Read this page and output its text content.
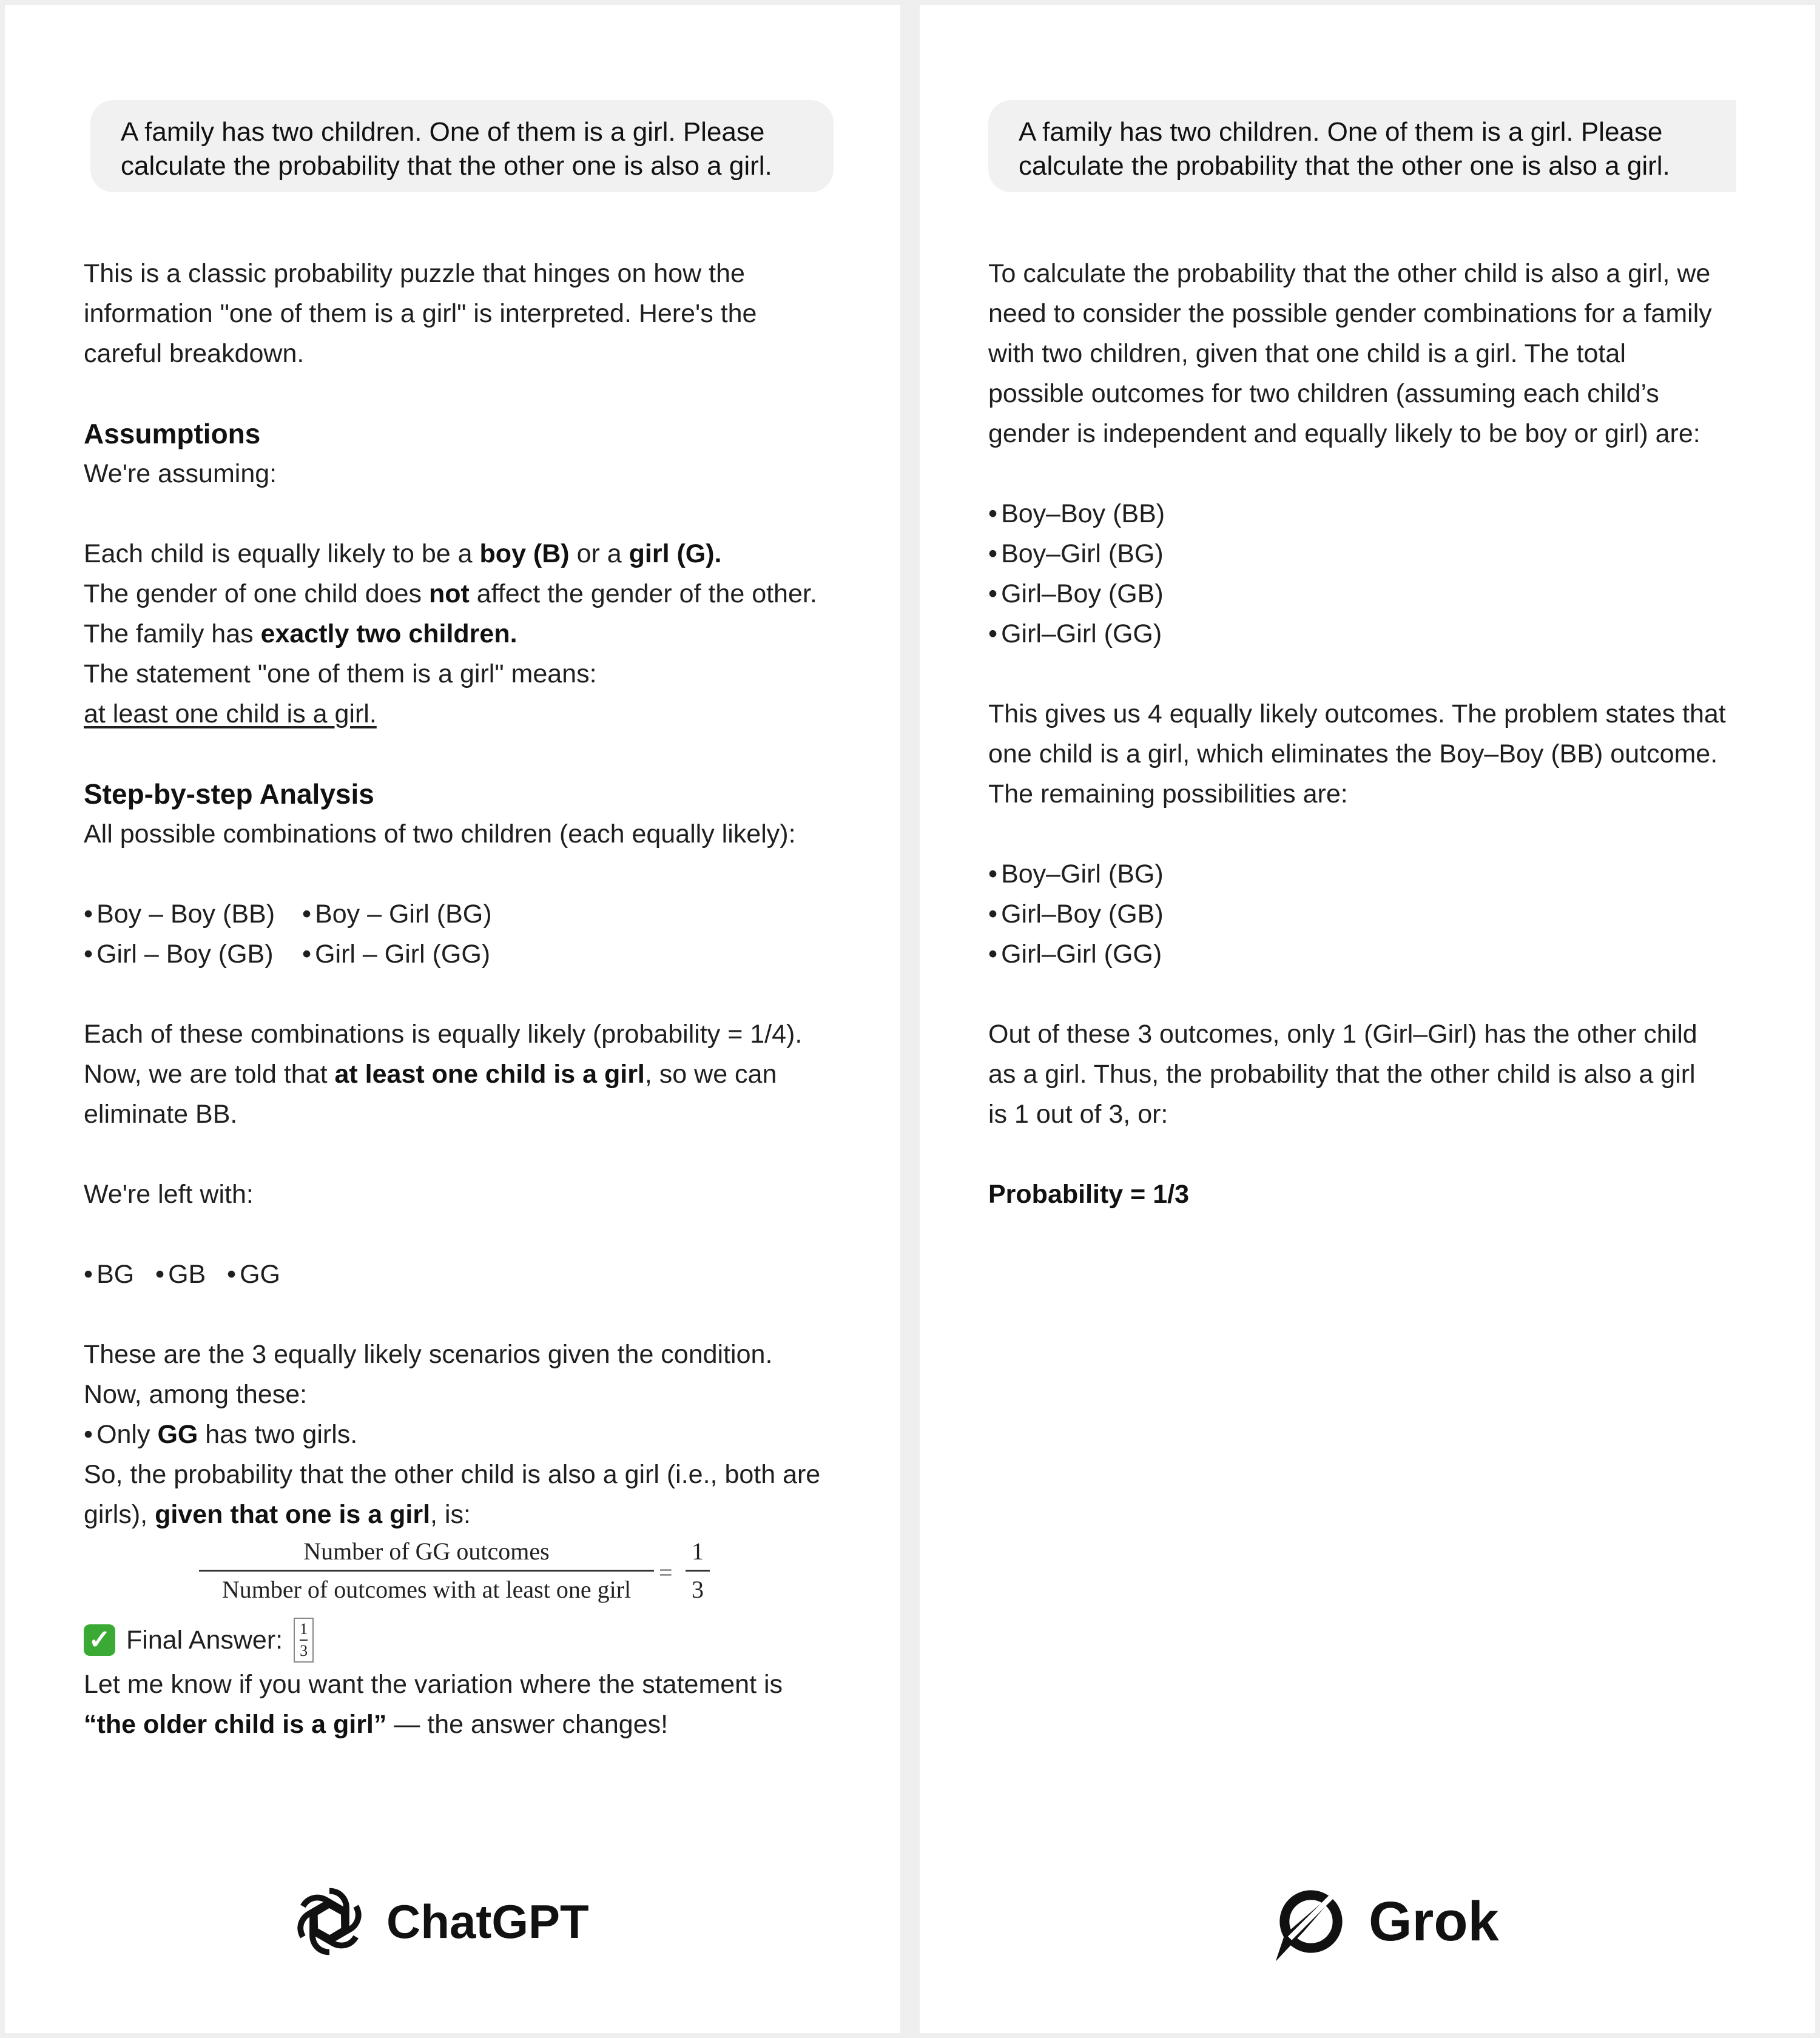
A family has two children. One of them is a girl. Please
calculate the probability that the other one is also a girl.
This is a classic probability puzzle that hinges on how the
information "one of them is a girl" is interpreted. Here's the
careful breakdown.
Assumptions
We're assuming:
Each child is equally likely to be a boy (B) or a girl (G).
The gender of one child does not affect the gender of the other.
The family has exactly two children.
The statement "one of them is a girl" means:
at least one child is a girl.
Step-by-step Analysis
All possible combinations of two children (each equally likely):
• Boy – Boy (BB) • Boy – Girl (BG)
• Girl – Boy (GB) • Girl – Girl (GG)
Each of these combinations is equally likely (probability = 1/4).
Now, we are told that at least one child is a girl, so we can
eliminate BB.
We're left with:
• BG • GB • GG
These are the 3 equally likely scenarios given the condition.
Now, among these:
• Only GG has two girls.
So, the probability that the other child is also a girl (i.e., both are
girls), given that one is a girl, is:
Number of GG outcomes
Number of outcomes with at least one girl
=
1
3
✓ Final Answer: 1
3
Let me know if you want the variation where the statement is
“the older child is a girl” — the answer changes!
ChatGPT
A family has two children. One of them is a girl. Please
calculate the probability that the other one is also a girl.
To calculate the probability that the other child is also a girl, we
need to consider the possible gender combinations for a family
with two children, given that one child is a girl. The total
possible outcomes for two children (assuming each child’s
gender is independent and equally likely to be boy or girl) are:
• Boy–Boy (BB)
• Boy–Girl (BG)
• Girl–Boy (GB)
• Girl–Girl (GG)
This gives us 4 equally likely outcomes. The problem states that
one child is a girl, which eliminates the Boy–Boy (BB) outcome.
The remaining possibilities are:
• Boy–Girl (BG)
• Girl–Boy (GB)
• Girl–Girl (GG)
Out of these 3 outcomes, only 1 (Girl–Girl) has the other child
as a girl. Thus, the probability that the other child is also a girl
is 1 out of 3, or:
Probability = 1/3
Grok
